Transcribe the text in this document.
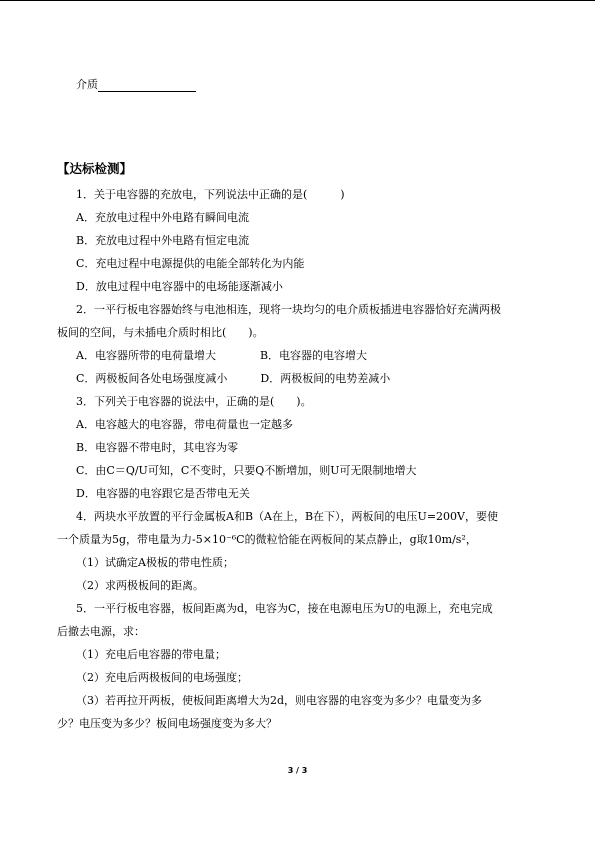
介质
【达标检测】
1．关于电容器的充放电，下列说法中正确的是(　　　)
A．充放电过程中外电路有瞬间电流
B．充放电过程中外电路有恒定电流
C．充电过程中电源提供的电能全部转化为内能
D．放电过程中电容器中的电场能逐渐减小
2．一平行板电容器始终与电池相连，现将一块均匀的电介质板插进电容器恰好充满两极
板间的空间，与未插电介质时相比(　　)。
A．电容器所带的电荷量增大　　　　B．电容器的电容增大
C．两极板间各处电场强度减小　　　D．两极板间的电势差减小
3．下列关于电容器的说法中，正确的是(　　)。
A．电容越大的电容器，带电荷量也一定越多
B．电容器不带电时，其电容为零
C．由C＝Q/U可知，C不变时，只要Q不断增加，则U可无限制地增大
D．电容器的电容跟它是否带电无关
4．两块水平放置的平行金属板A和B（A在上，B在下），两板间的电压U=200V，要使
一个质量为5g，带电量为力-5×10⁻⁶C的微粒恰能在两板间的某点静止，g取10m/s²，
（1）试确定A极板的带电性质；
（2）求两极板间的距离。
5．一平行板电容器，板间距离为d，电容为C，接在电源电压为U的电源上，充电完成
后撤去电源，求：
（1）充电后电容器的带电量；
（2）充电后两极板间的电场强度；
（3）若再拉开两板，使板间距离增大为2d，则电容器的电容变为多少？电量变为多
少？电压变为多少？板间电场强度变为多大？
3 / 3
